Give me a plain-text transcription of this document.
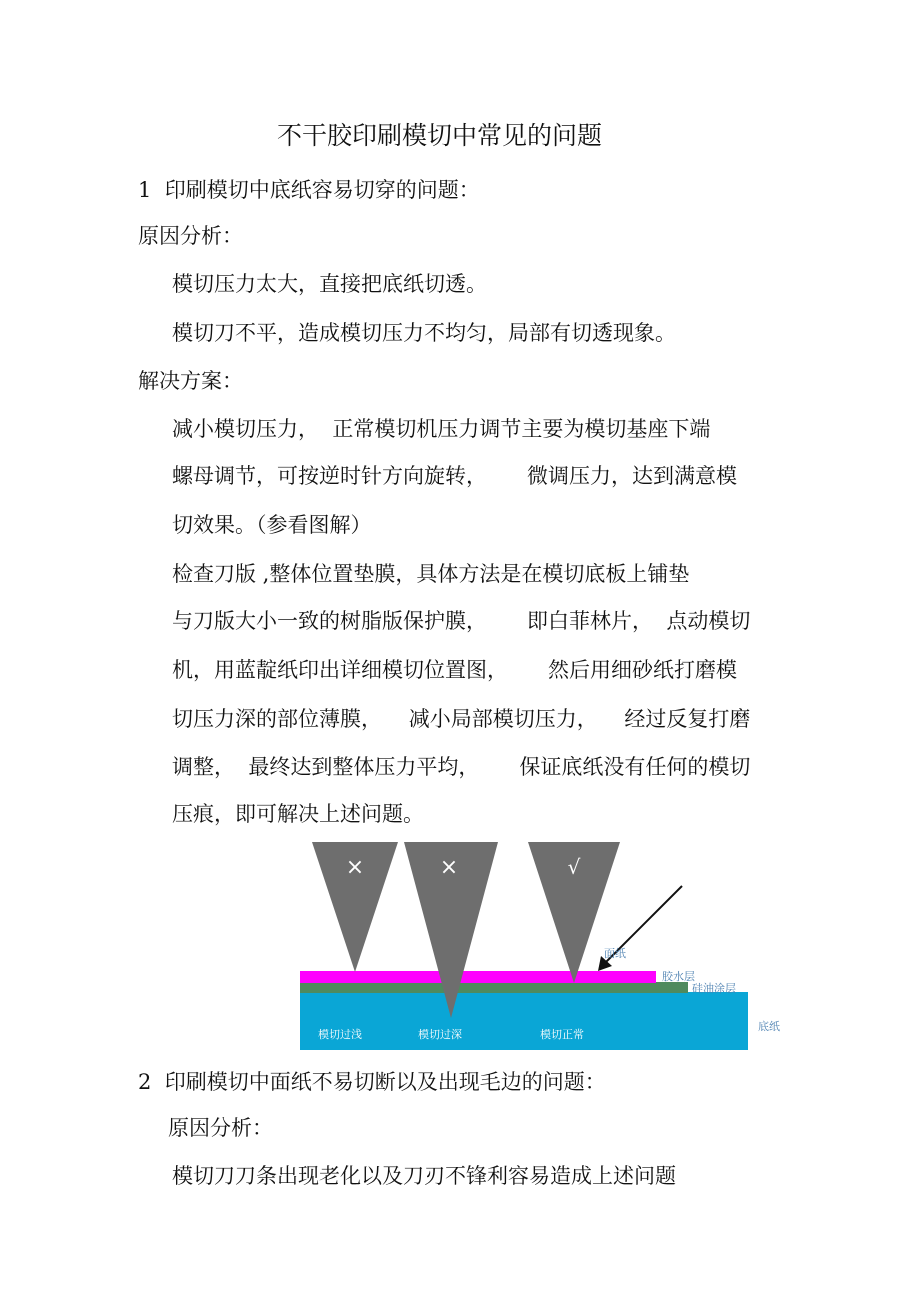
不干胶印刷模切中常见的问题
1  印刷模切中底纸容易切穿的问题：
原因分析：
模切压力太大，直接把底纸切透。
模切刀不平，造成模切压力不均匀，局部有切透现象。
解决方案：
减小模切压力，  正常模切机压力调节主要为模切基座下端
螺母调节，可按逆时针方向旋转，      微调压力，达到满意模
切效果。（参看图解）
检查刀版 ,整体位置垫膜，具体方法是在模切底板上铺垫
与刀版大小一致的树脂版保护膜，      即白菲林片，  点动模切
机，用蓝靛纸印出详细模切位置图，      然后用细砂纸打磨模
切压力深的部位薄膜，    减小局部模切压力，    经过反复打磨
调整，  最终达到整体压力平均，      保证底纸没有任何的模切
压痕，即可解决上述问题。
×	×	√
面纸
胶水层
硅油涂层
底纸
模切过浅	模切过深	模切正常
2  印刷模切中面纸不易切断以及出现毛边的问题：
原因分析：
模切刀刀条出现老化以及刀刃不锋利容易造成上述问题
